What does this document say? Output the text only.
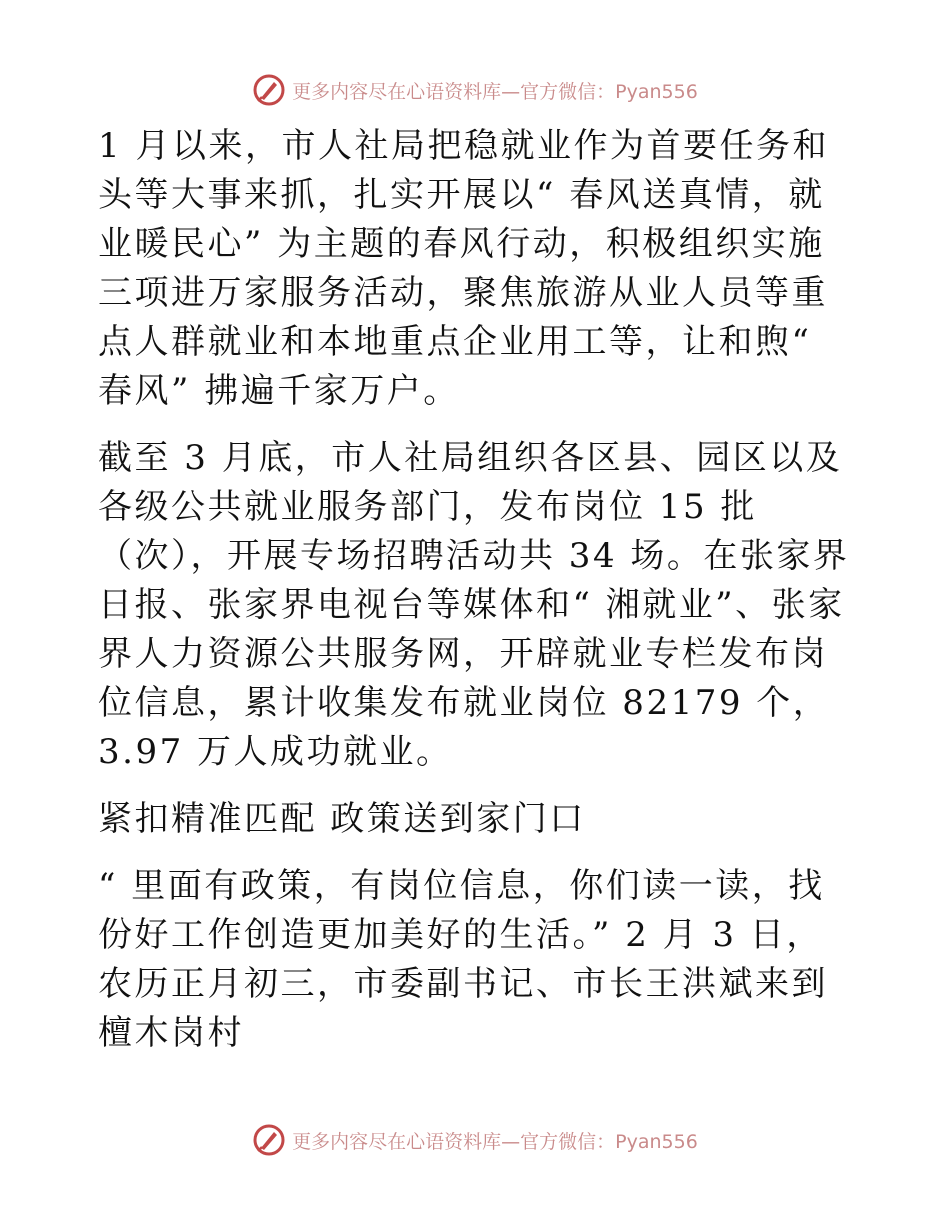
更多内容尽在心语资料库—官方微信：Pyan556

1 月以来，市人社局把稳就业作为首要任务和头等大事来抓，扎实开展以“ 春风送真情，就业暖民心” 为主题的春风行动，积极组织实施三项进万家服务活动，聚焦旅游从业人员等重点人群就业和本地重点企业用工等，让和煦“ 春风” 拂遍千家万户。

截至 3 月底，市人社局组织各区县、园区以及各级公共就业服务部门，发布岗位 15 批（次），开展专场招聘活动共 34 场。在张家界日报、张家界电视台等媒体和“ 湘就业”、张家界人力资源公共服务网，开辟就业专栏发布岗位信息，累计收集发布就业岗位 82179 个，3.97 万人成功就业。

紧扣精准匹配 政策送到家门口

“ 里面有政策，有岗位信息，你们读一读，找份好工作创造更加美好的生活。” 2 月 3 日，农历正月初三，市委副书记、市长王洪斌来到檀木岗村

更多内容尽在心语资料库—官方微信：Pyan556
